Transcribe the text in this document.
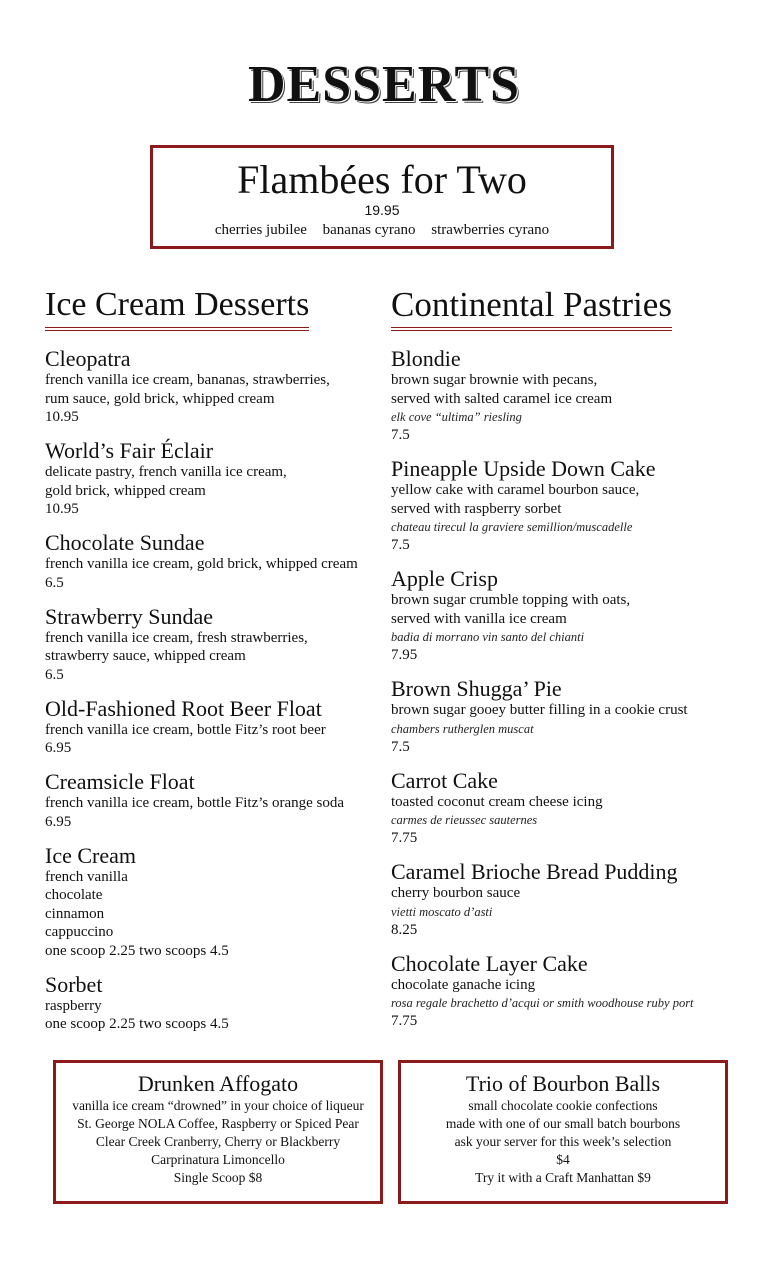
DESSERTS
Flambées for Two
19.95
cherries jubilee bananas cyrano strawberries cyrano
Ice Cream Desserts
Cleopatra
french vanilla ice cream, bananas, strawberries,
rum sauce, gold brick, whipped cream
10.95
World’s Fair Éclair
delicate pastry, french vanilla ice cream,
gold brick, whipped cream
10.95
Chocolate Sundae
french vanilla ice cream, gold brick, whipped cream
6.5
Strawberry Sundae
french vanilla ice cream, fresh strawberries,
strawberry sauce, whipped cream
6.5
Old-Fashioned Root Beer Float
french vanilla ice cream, bottle Fitz’s root beer
6.95
Creamsicle Float
french vanilla ice cream, bottle Fitz’s orange soda
6.95
Ice Cream
french vanilla
chocolate
cinnamon
cappuccino
one scoop 2.25 two scoops 4.5
Sorbet
raspberry
one scoop 2.25 two scoops 4.5
Continental Pastries
Blondie
brown sugar brownie with pecans,
served with salted caramel ice cream
elk cove “ultima” riesling
7.5
Pineapple Upside Down Cake
yellow cake with caramel bourbon sauce,
served with raspberry sorbet
chateau tirecul la graviere semillion/muscadelle
7.5
Apple Crisp
brown sugar crumble topping with oats,
served with vanilla ice cream
badia di morrano vin santo del chianti
7.95
Brown Shugga’ Pie
brown sugar gooey butter filling in a cookie crust
chambers rutherglen muscat
7.5
Carrot Cake
toasted coconut cream cheese icing
carmes de rieussec sauternes
7.75
Caramel Brioche Bread Pudding
cherry bourbon sauce
vietti moscato d’asti
8.25
Chocolate Layer Cake
chocolate ganache icing
rosa regale brachetto d’acqui or smith woodhouse ruby port
7.75
Drunken Affogato
vanilla ice cream “drowned” in your choice of liqueur
St. George NOLA Coffee, Raspberry or Spiced Pear
Clear Creek Cranberry, Cherry or Blackberry
Carprinatura Limoncello
Single Scoop $8
Trio of Bourbon Balls
small chocolate cookie confections
made with one of our small batch bourbons
ask your server for this week’s selection
$4
Try it with a Craft Manhattan $9
